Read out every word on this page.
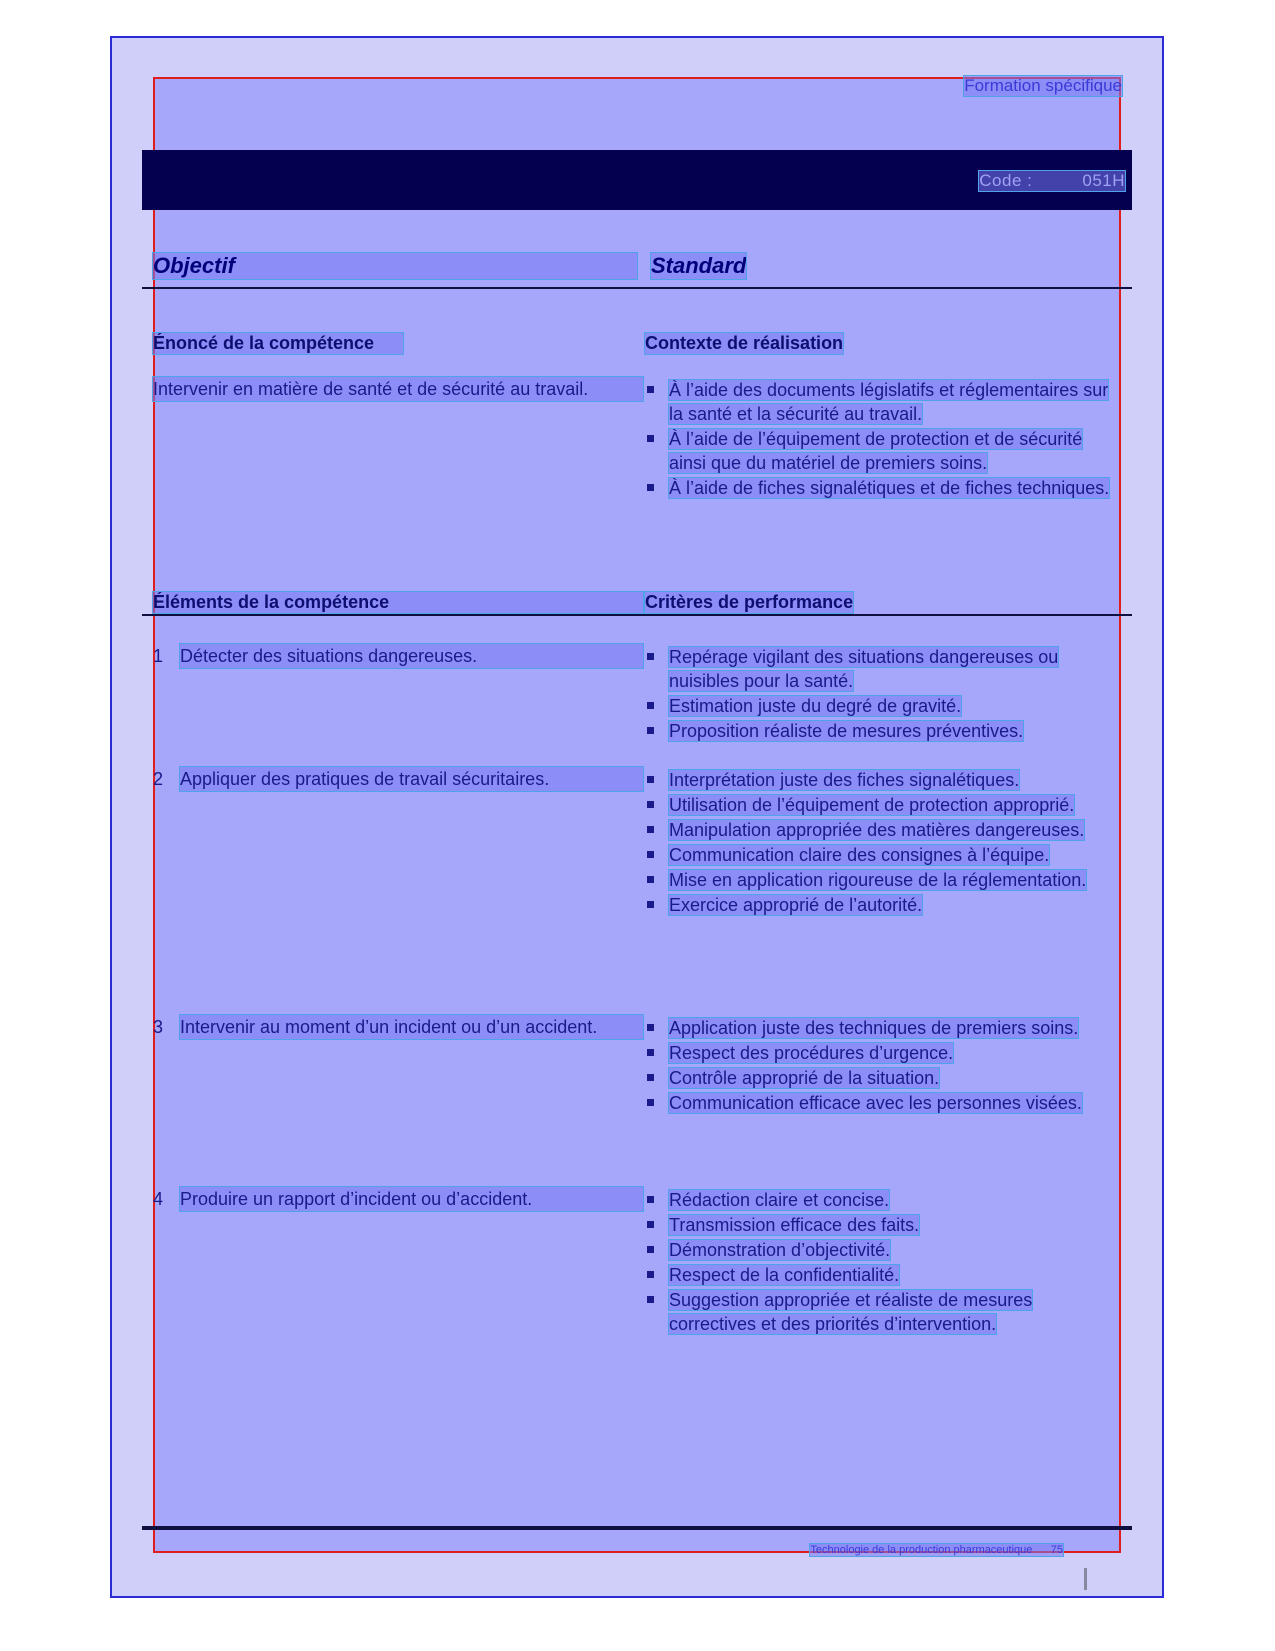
Formation spécifique
Code :	051H
Objectif	Standard
Énoncé de la compétence	Contexte de réalisation
Intervenir en matière de santé et de sécurité au travail.	À l’aide des documents législatifs et réglementaires sur la santé et la sécurité au travail.
À l’aide de l’équipement de protection et de sécurité ainsi que du matériel de premiers soins.
À l’aide de fiches signalétiques et de fiches techniques.
Éléments de la compétence	Critères de performance
1 Détecter des situations dangereuses.	Repérage vigilant des situations dangereuses ou nuisibles pour la santé.
Estimation juste du degré de gravité.
Proposition réaliste de mesures préventives.
2 Appliquer des pratiques de travail sécuritaires.	Interprétation juste des fiches signalétiques.
Utilisation de l’équipement de protection approprié.
Manipulation appropriée des matières dangereuses.
Communication claire des consignes à l’équipe.
Mise en application rigoureuse de la réglementation.
Exercice approprié de l’autorité.
3 Intervenir au moment d’un incident ou d’un accident.	Application juste des techniques de premiers soins.
Respect des procédures d’urgence.
Contrôle approprié de la situation.
Communication efficace avec les personnes visées.
4 Produire un rapport d’incident ou d’accident.	Rédaction claire et concise.
Transmission efficace des faits.
Démonstration d’objectivité.
Respect de la confidentialité.
Suggestion appropriée et réaliste de mesures correctives et des priorités d’intervention.
Technologie de la production pharmaceutique 75
